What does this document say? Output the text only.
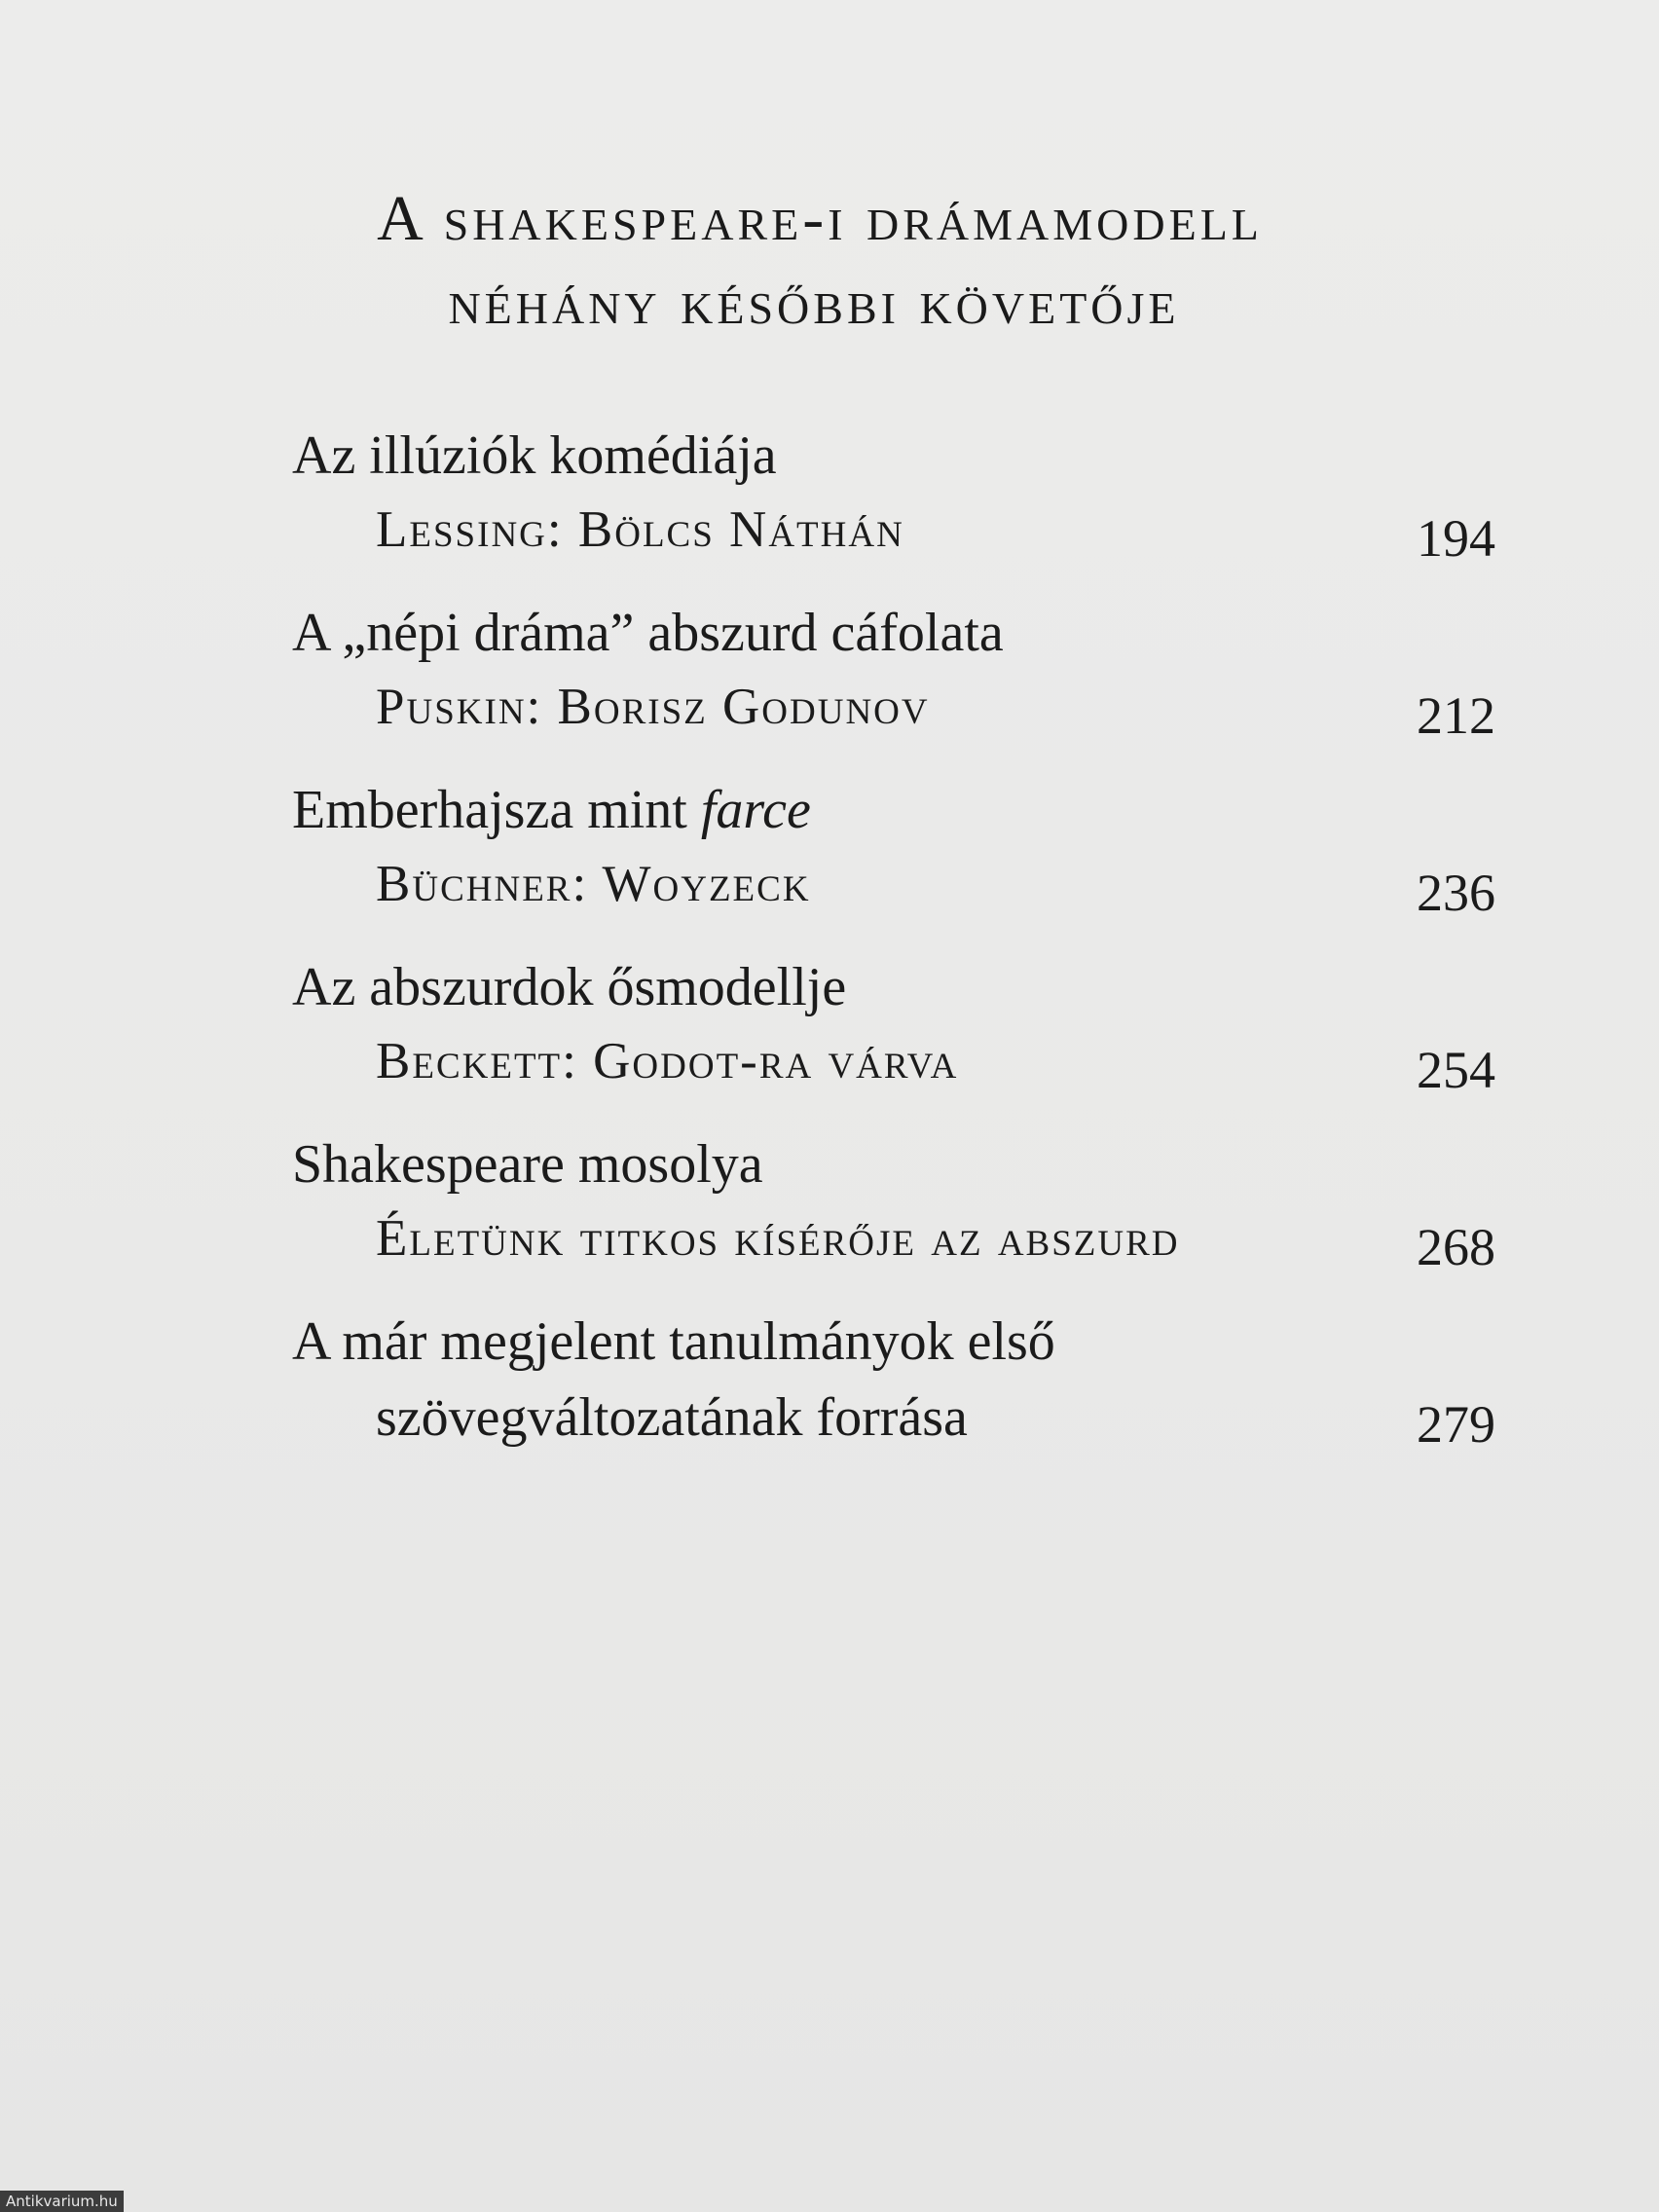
A shakespeare-i drámamodell
néhány későbbi követője
Az illúziók komédiája
Lessing: Bölcs Náthán	194
A „népi dráma” abszurd cáfolata
Puskin: Borisz Godunov	212
Emberhajsza mint farce
Büchner: Woyzeck	236
Az abszurdok ősmodellje
Beckett: Godot-ra várva	254
Shakespeare mosolya
Életünk titkos kísérője az abszurd	268
A már megjelent tanulmányok első
szövegváltozatának forrása	279
Antikvarium.hu
